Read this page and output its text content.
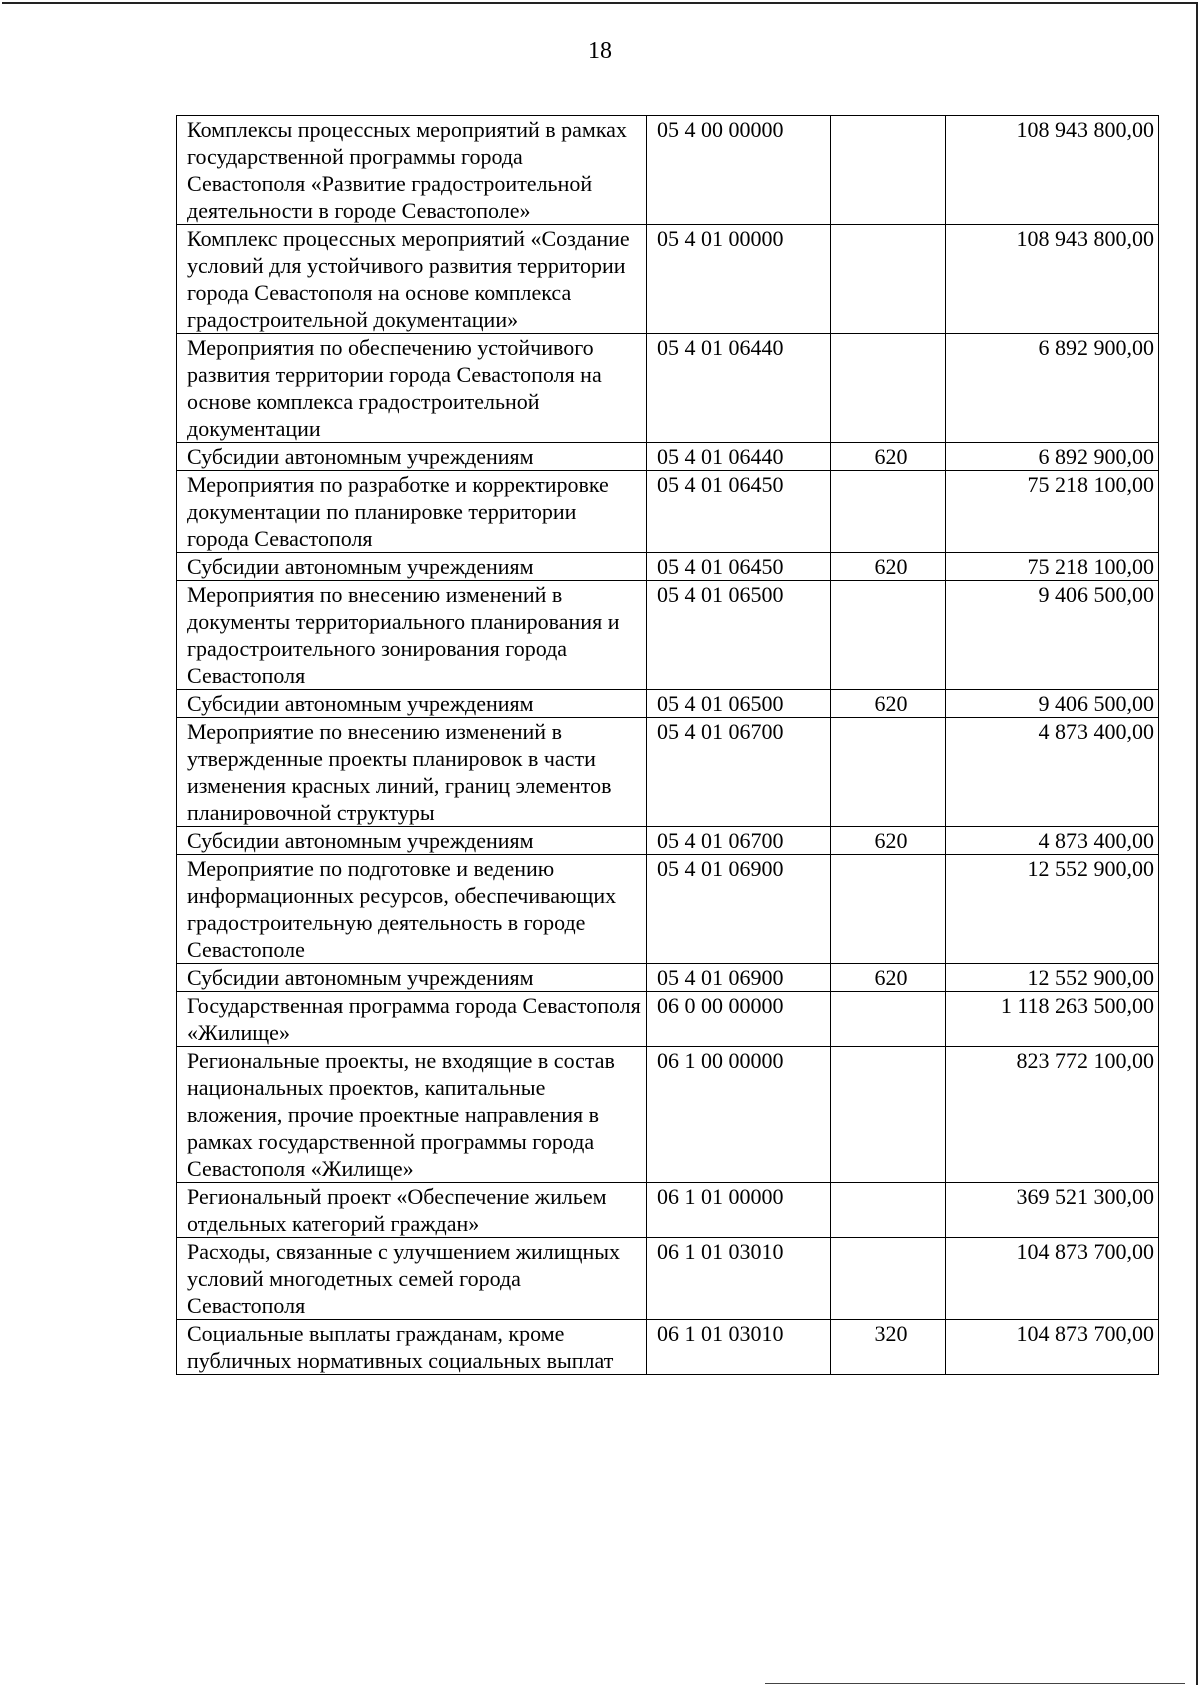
18
Комплексы процессных мероприятий в рамках государственной программы города Севастополя «Развитие градостроительной деятельности в городе Севастополе»	05 4 00 00000		108 943 800,00
Комплекс процессных мероприятий «Создание условий для устойчивого развития территории города Севастополя на основе комплекса градостроительной документации»	05 4 01 00000		108 943 800,00
Мероприятия по обеспечению устойчивого развития территории города Севастополя на основе комплекса градостроительной документации	05 4 01 06440		6 892 900,00
Субсидии автономным учреждениям	05 4 01 06440	620	6 892 900,00
Мероприятия по разработке и корректировке документации по планировке территории города Севастополя	05 4 01 06450		75 218 100,00
Субсидии автономным учреждениям	05 4 01 06450	620	75 218 100,00
Мероприятия по внесению изменений в документы территориального планирования и градостроительного зонирования города Севастополя	05 4 01 06500		9 406 500,00
Субсидии автономным учреждениям	05 4 01 06500	620	9 406 500,00
Мероприятие по внесению изменений в утвержденные проекты планировок в части изменения красных линий, границ элементов планировочной структуры	05 4 01 06700		4 873 400,00
Субсидии автономным учреждениям	05 4 01 06700	620	4 873 400,00
Мероприятие по подготовке и ведению информационных ресурсов, обеспечивающих градостроительную деятельность в городе Севастополе	05 4 01 06900		12 552 900,00
Субсидии автономным учреждениям	05 4 01 06900	620	12 552 900,00
Государственная программа города Севастополя «Жилище»	06 0 00 00000		1 118 263 500,00
Региональные проекты, не входящие в состав национальных проектов, капитальные вложения, прочие проектные направления в рамках государственной программы города Севастополя «Жилище»	06 1 00 00000		823 772 100,00
Региональный проект «Обеспечение жильем отдельных категорий граждан»	06 1 01 00000		369 521 300,00
Расходы, связанные с улучшением жилищных условий многодетных семей города Севастополя	06 1 01 03010		104 873 700,00
Социальные выплаты гражданам, кроме публичных нормативных социальных выплат	06 1 01 03010	320	104 873 700,00
